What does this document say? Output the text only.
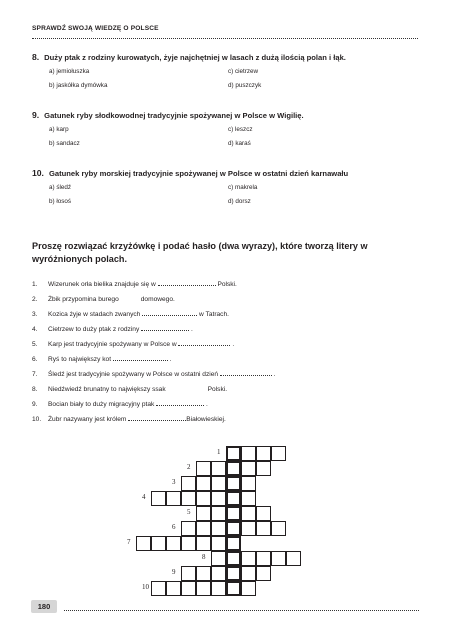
SPRAWDŹ SWOJĄ WIEDZĘ O POLSCE
8. Duży ptak z rodziny kurowatych, żyje najchętniej w lasach z dużą ilością polan i łąk.
a) jemiołuszka
b) jaskółka dymówka
c) cietrzew
d) puszczyk
9. Gatunek ryby słodkowodnej tradycyjnie spożywanej w Polsce w Wigilię.
a) karp
b) sandacz
c) leszcz
d) karaś
10. Gatunek ryby morskiej tradycyjnie spożywanej w Polsce w ostatni dzień karnawału
a) śledź
b) łosoś
c) makrela
d) dorsz
Proszę rozwiązać krzyżówkę i podać hasło (dwa wyrazy), które tworzą litery w wyróżnionych polach.
1. Wizerunek orła bielika znajduje się w	Polski.
2. Żbik przypomina burego	domowego.
3. Kozica żyje w stadach zwanych	w Tatrach.
4. Cietrzew to duży ptak z rodziny	.
5. Karp jest tradycyjnie spożywany w Polsce w	.
6. Ryś to największy kot	.
7. Śledź jest tradycyjnie spożywany w Polsce w ostatni dzień	.
8. Niedźwiedź brunatny to największy ssak	Polski.
9. Bocian biały to duży migracyjny ptak	.
10. Żubr nazywany jest królem	Białowieskiej.
1
2
3
4
5
6
7
8
9
10
180
